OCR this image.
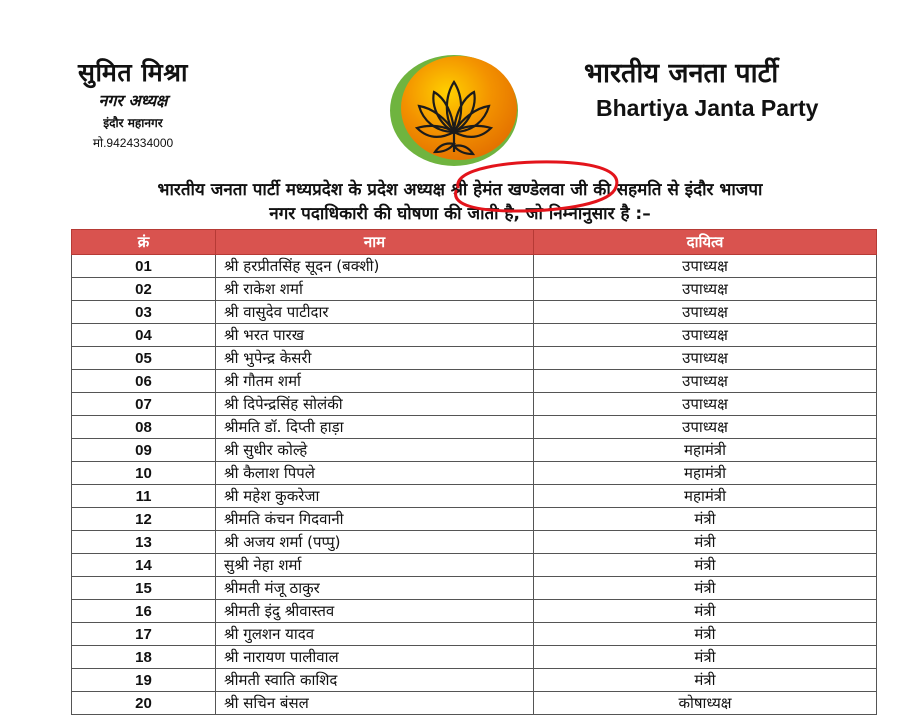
सुमित मिश्रा
नगर अध्यक्ष
इंदौर महानगर
मो.9424334000
भारतीय जनता पार्टी
Bhartiya Janta Party
भारतीय जनता पार्टी मध्यप्रदेश के प्रदेश अध्यक्ष श्री हेमंत खण्डेलवा जी की सहमति से इंदौर भाजपा
नगर पदाधिकारी की घोषणा की जाती है, जो निम्नानुसार है :–
क्रं	नाम	दायित्व
01	श्री हरप्रीतसिंह सूदन (बक्शी)	उपाध्यक्ष
02	श्री राकेश शर्मा	उपाध्यक्ष
03	श्री वासुदेव पाटीदार	उपाध्यक्ष
04	श्री भरत पारख	उपाध्यक्ष
05	श्री भुपेन्द्र केसरी	उपाध्यक्ष
06	श्री गौतम शर्मा	उपाध्यक्ष
07	श्री दिपेन्द्रसिंह सोलंकी	उपाध्यक्ष
08	श्रीमति डॉ. दिप्ती हाड़ा	उपाध्यक्ष
09	श्री सुधीर कोल्हे	महामंत्री
10	श्री कैलाश पिपले	महामंत्री
11	श्री महेश कुकरेजा	महामंत्री
12	श्रीमति कंचन गिदवानी	मंत्री
13	श्री अजय शर्मा (पप्पु)	मंत्री
14	सुश्री नेहा शर्मा	मंत्री
15	श्रीमती मंजू ठाकुर	मंत्री
16	श्रीमती इंदु श्रीवास्तव	मंत्री
17	श्री गुलशन यादव	मंत्री
18	श्री नारायण पालीवाल	मंत्री
19	श्रीमती स्वाति काशिद	मंत्री
20	श्री सचिन बंसल	कोषाध्यक्ष
